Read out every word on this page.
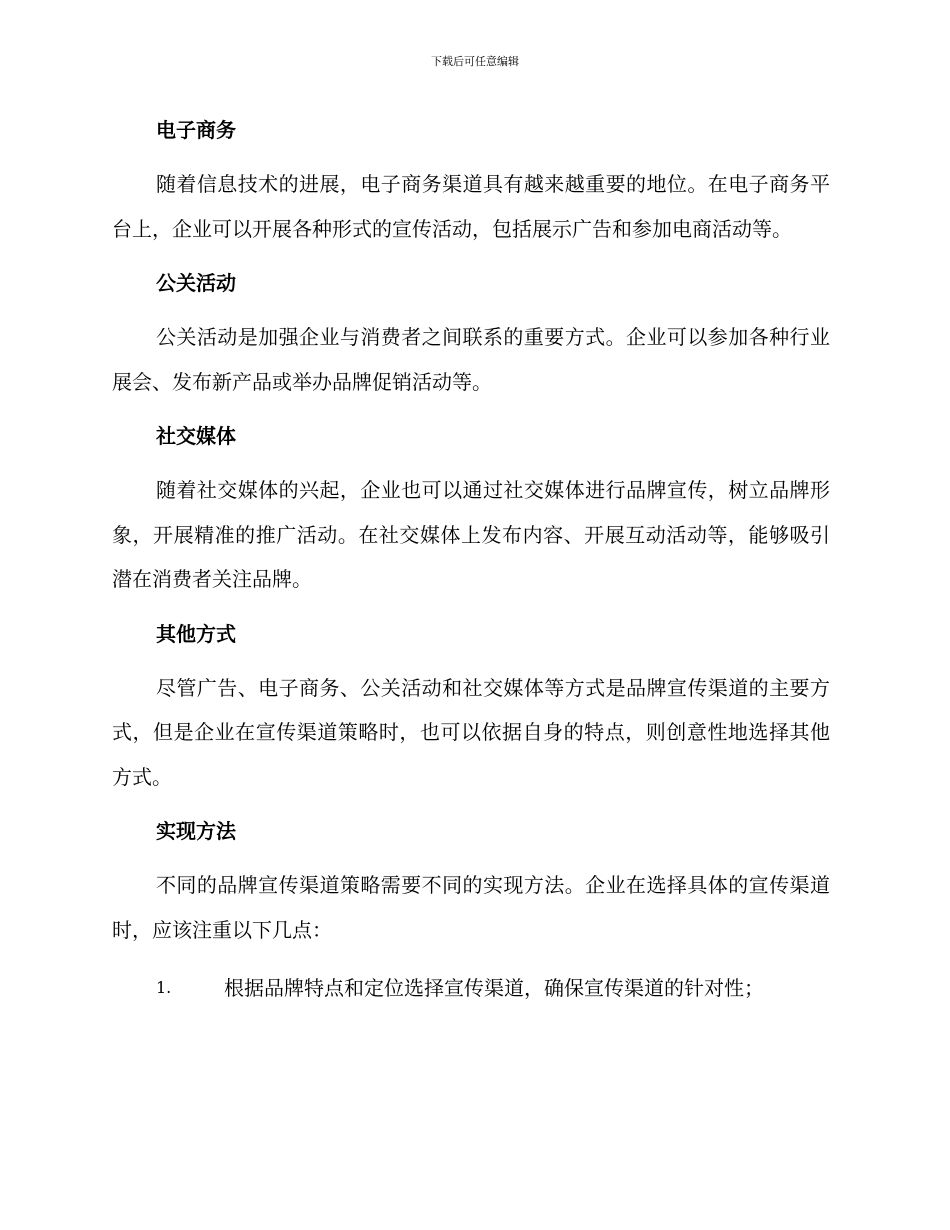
下载后可任意编辑
电子商务

随着信息技术的进展，电子商务渠道具有越来越重要的地位。在电子商务平台上，企业可以开展各种形式的宣传活动，包括展示广告和参加电商活动等。

公关活动

公关活动是加强企业与消费者之间联系的重要方式。企业可以参加各种行业展会、发布新产品或举办品牌促销活动等。

社交媒体

随着社交媒体的兴起，企业也可以通过社交媒体进行品牌宣传，树立品牌形象，开展精准的推广活动。在社交媒体上发布内容、开展互动活动等，能够吸引潜在消费者关注品牌。

其他方式

尽管广告、电子商务、公关活动和社交媒体等方式是品牌宣传渠道的主要方式，但是企业在宣传渠道策略时，也可以依据自身的特点，则创意性地选择其他方式。

实现方法

不同的品牌宣传渠道策略需要不同的实现方法。企业在选择具体的宣传渠道时，应该注重以下几点：

1.	根据品牌特点和定位选择宣传渠道，确保宣传渠道的针对性；
